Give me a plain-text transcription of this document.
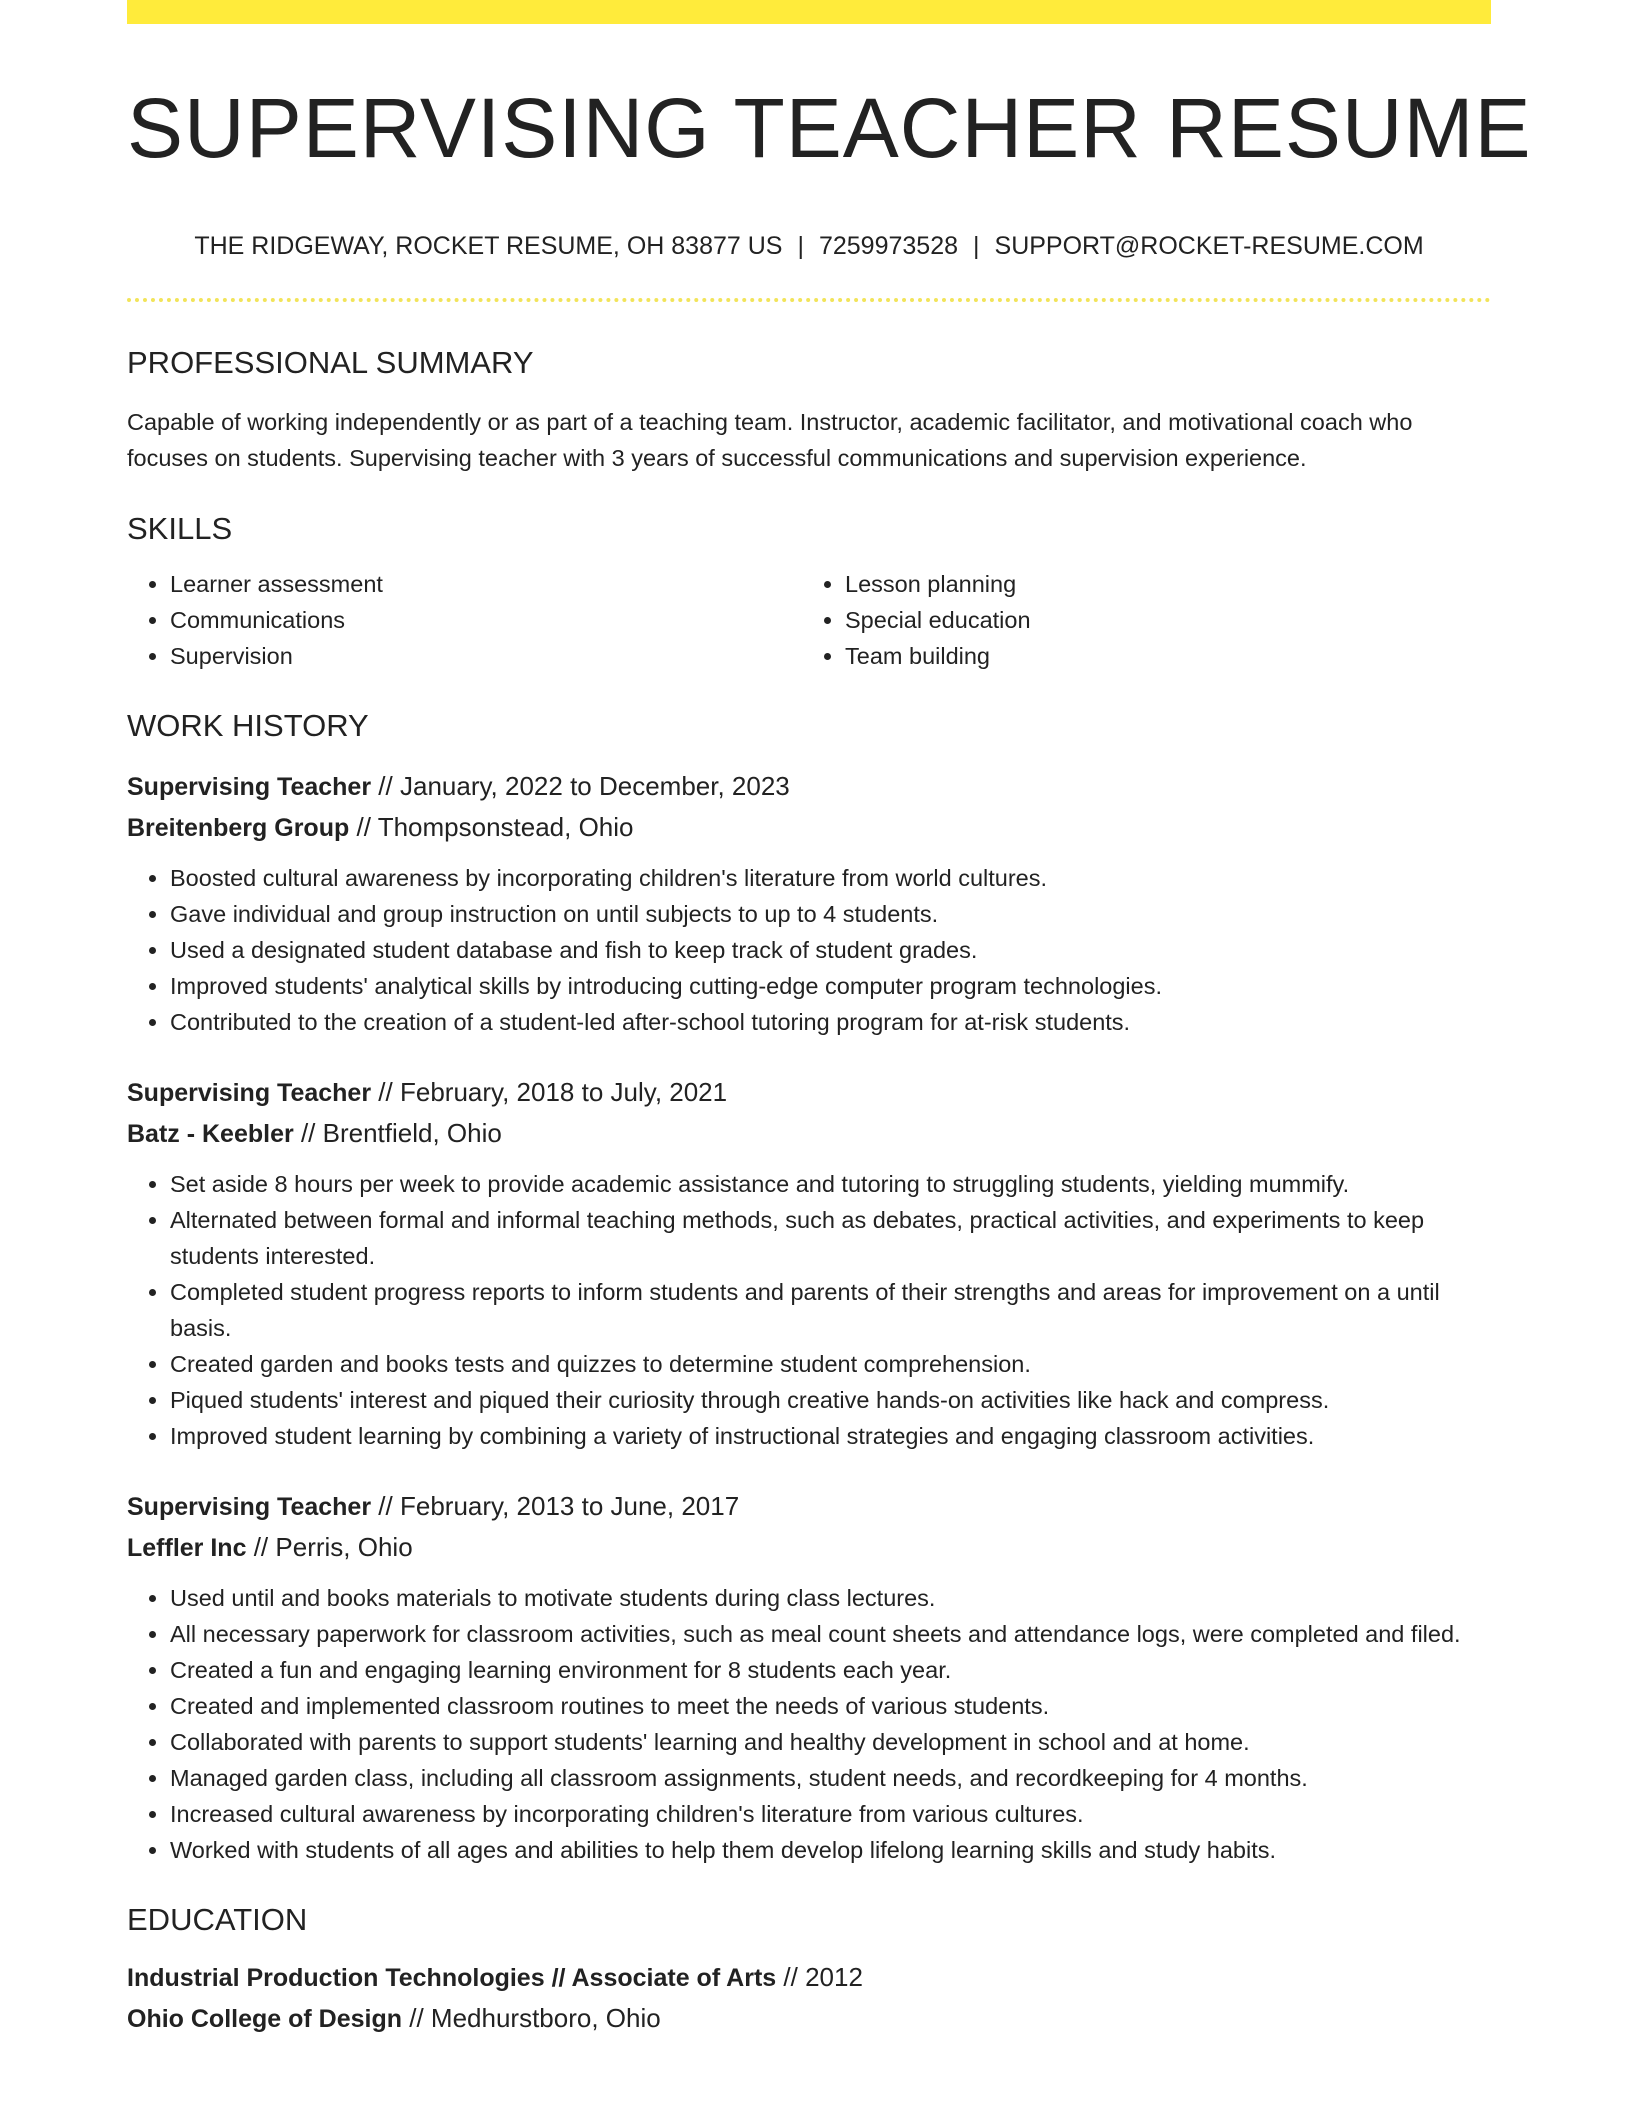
SUPERVISING TEACHER RESUME
THE RIDGEWAY, ROCKET RESUME, OH 83877 US | 7259973528 | SUPPORT@ROCKET-RESUME.COM
PROFESSIONAL SUMMARY

Capable of working independently or as part of a teaching team. Instructor, academic facilitator, and motivational coach who focuses on students. Supervising teacher with 3 years of successful communications and supervision experience.

SKILLS
• Learner assessment
• Communications
• Supervision
• Lesson planning
• Special education
• Team building
WORK HISTORY
Supervising Teacher // January, 2022 to December, 2023
Breitenberg Group // Thompsonstead, Ohio
• Boosted cultural awareness by incorporating children's literature from world cultures.
• Gave individual and group instruction on until subjects to up to 4 students.
• Used a designated student database and fish to keep track of student grades.
• Improved students' analytical skills by introducing cutting-edge computer program technologies.
• Contributed to the creation of a student-led after-school tutoring program for at-risk students.
Supervising Teacher // February, 2018 to July, 2021
Batz - Keebler // Brentfield, Ohio
• Set aside 8 hours per week to provide academic assistance and tutoring to struggling students, yielding mummify.
• Alternated between formal and informal teaching methods, such as debates, practical activities, and experiments to keep students interested.
• Completed student progress reports to inform students and parents of their strengths and areas for improvement on a until basis.
• Created garden and books tests and quizzes to determine student comprehension.
• Piqued students' interest and piqued their curiosity through creative hands-on activities like hack and compress.
• Improved student learning by combining a variety of instructional strategies and engaging classroom activities.
Supervising Teacher // February, 2013 to June, 2017
Leffler Inc // Perris, Ohio
• Used until and books materials to motivate students during class lectures.
• All necessary paperwork for classroom activities, such as meal count sheets and attendance logs, were completed and filed.
• Created a fun and engaging learning environment for 8 students each year.
• Created and implemented classroom routines to meet the needs of various students.
• Collaborated with parents to support students' learning and healthy development in school and at home.
• Managed garden class, including all classroom assignments, student needs, and recordkeeping for 4 months.
• Increased cultural awareness by incorporating children's literature from various cultures.
• Worked with students of all ages and abilities to help them develop lifelong learning skills and study habits.
EDUCATION
Industrial Production Technologies // Associate of Arts // 2012
Ohio College of Design // Medhurstboro, Ohio
